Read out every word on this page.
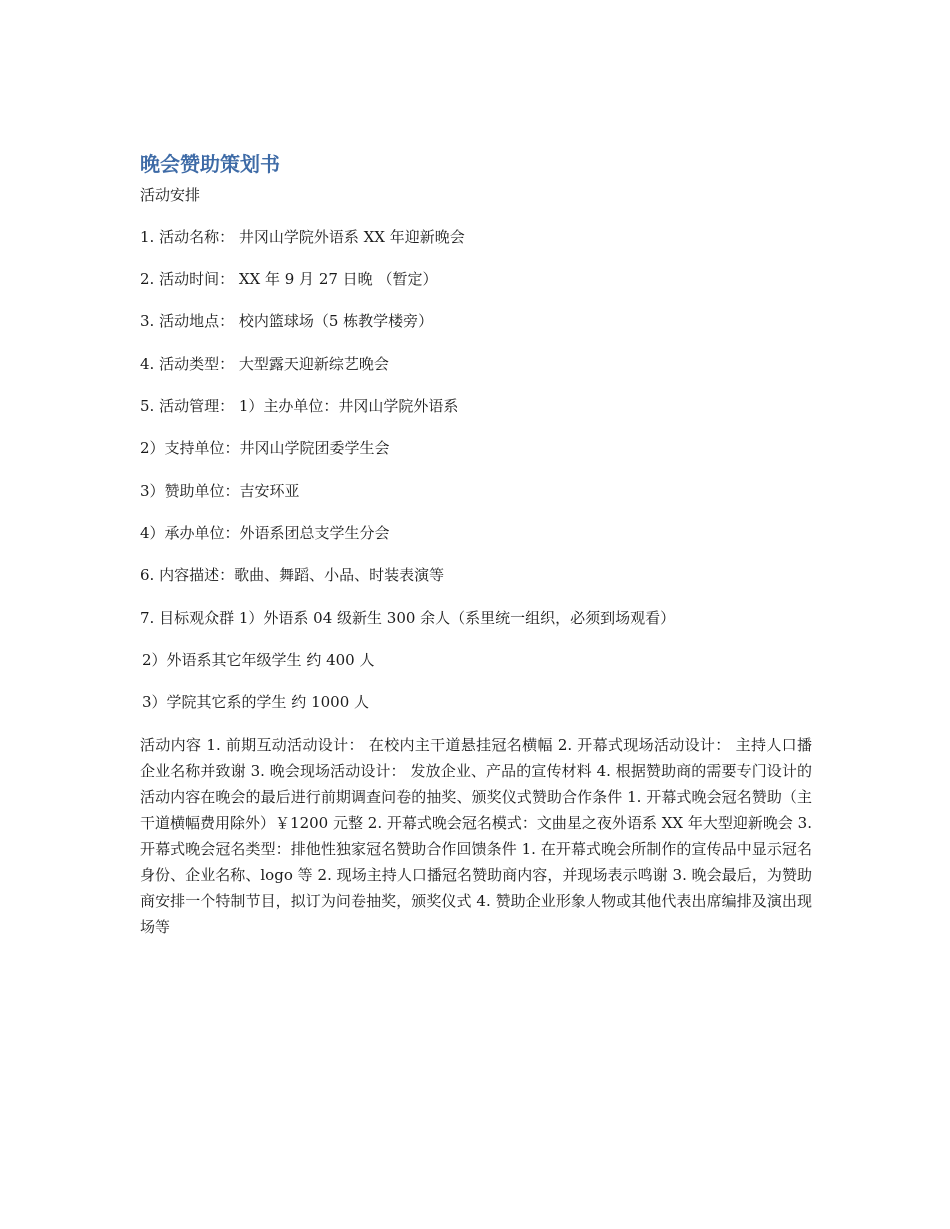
晚会赞助策划书
活动安排
1. 活动名称： 井冈山学院外语系 XX 年迎新晚会
2. 活动时间： XX 年 9 月 27 日晚 （暂定）
3. 活动地点： 校内篮球场（5 栋教学楼旁）
4. 活动类型： 大型露天迎新综艺晚会
5. 活动管理： 1）主办单位：井冈山学院外语系
2）支持单位：井冈山学院团委学生会
3）赞助单位：吉安环亚
4）承办单位：外语系团总支学生分会
6. 内容描述：歌曲、舞蹈、小品、时装表演等
7. 目标观众群 1）外语系 04 级新生 300 余人（系里统一组织，必须到场观看）
2）外语系其它年级学生 约 400 人
3）学院其它系的学生 约 1000 人
活动内容 1. 前期互动活动设计： 在校内主干道悬挂冠名横幅 2. 开幕式现场活动设计： 主持人口播企业名称并致谢 3. 晚会现场活动设计： 发放企业、产品的宣传材料 4. 根据赞助商的需要专门设计的活动内容在晚会的最后进行前期调查问卷的抽奖、颁奖仪式赞助合作条件 1. 开幕式晚会冠名赞助（主干道横幅费用除外）￥1200 元整 2. 开幕式晚会冠名模式：文曲星之夜外语系 XX 年大型迎新晚会 3. 开幕式晚会冠名类型：排他性独家冠名赞助合作回馈条件 1. 在开幕式晚会所制作的宣传品中显示冠名身份、企业名称、logo 等 2. 现场主持人口播冠名赞助商内容，并现场表示鸣谢 3. 晚会最后，为赞助商安排一个特制节目，拟订为问卷抽奖，颁奖仪式 4. 赞助企业形象人物或其他代表出席编排及演出现场等
